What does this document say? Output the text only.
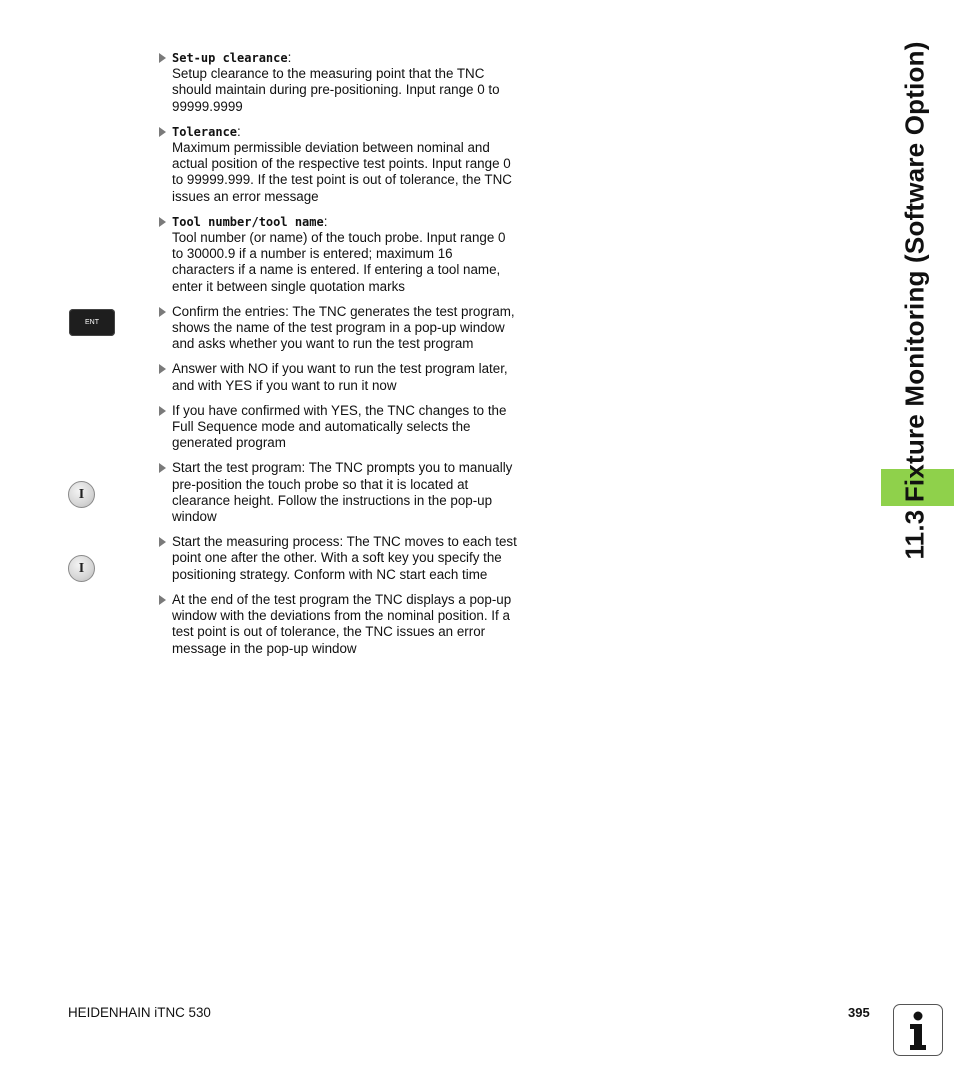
11.3 Fixture Monitoring (Software Option)
ENT
I
I
Set-up clearance:
Setup clearance to the measuring point that the TNC should maintain during pre-positioning. Input range 0 to 99999.9999
Tolerance:
Maximum permissible deviation between nominal and actual position of the respective test points. Input range 0 to 99999.999. If the test point is out of tolerance, the TNC issues an error message
Tool number/tool name:
Tool number (or name) of the touch probe. Input range 0 to 30000.9 if a number is entered; maximum 16 characters if a name is entered. If entering a tool name, enter it between single quotation marks
Confirm the entries: The TNC generates the test program, shows the name of the test program in a pop-up window and asks whether you want to run the test program
Answer with NO if you want to run the test program later, and with YES if you want to run it now
If you have confirmed with YES, the TNC changes to the Full Sequence mode and automatically selects the generated program
Start the test program: The TNC prompts you to manually pre-position the touch probe so that it is located at clearance height. Follow the instructions in the pop-up window
Start the measuring process: The TNC moves to each test point one after the other. With a soft key you specify the positioning strategy. Conform with NC start each time
At the end of the test program the TNC displays a pop-up window with the deviations from the nominal position. If a test point is out of tolerance, the TNC issues an error message in the pop-up window
HEIDENHAIN iTNC 530	395
